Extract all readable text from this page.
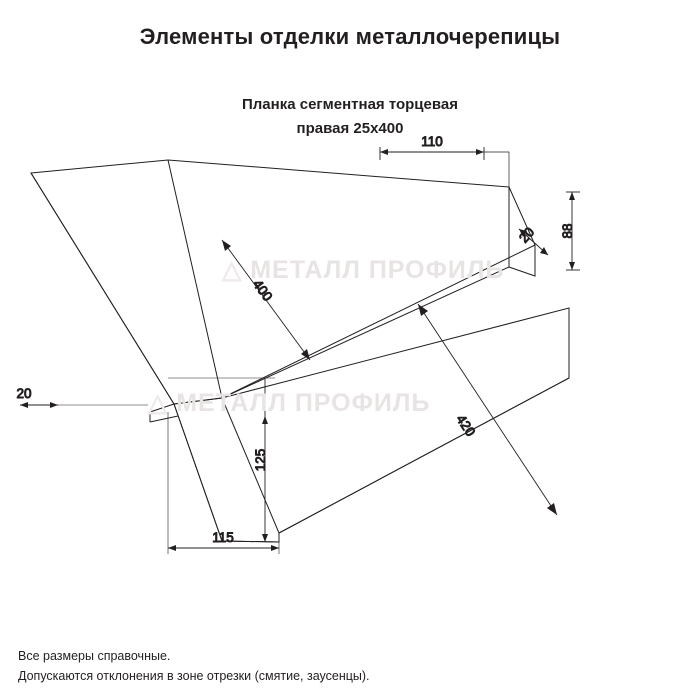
Элементы отделки металлочерепицы
Планка сегментная торцевая
правая 25х400
110
88
20
400
20
125
115
420
△ МЕТАЛЛ ПРОФИЛЬ
△ МЕТАЛЛ ПРОФИЛЬ
Все размеры справочные.
Допускаются отклонения в зоне отрезки (смятие, заусенцы).
